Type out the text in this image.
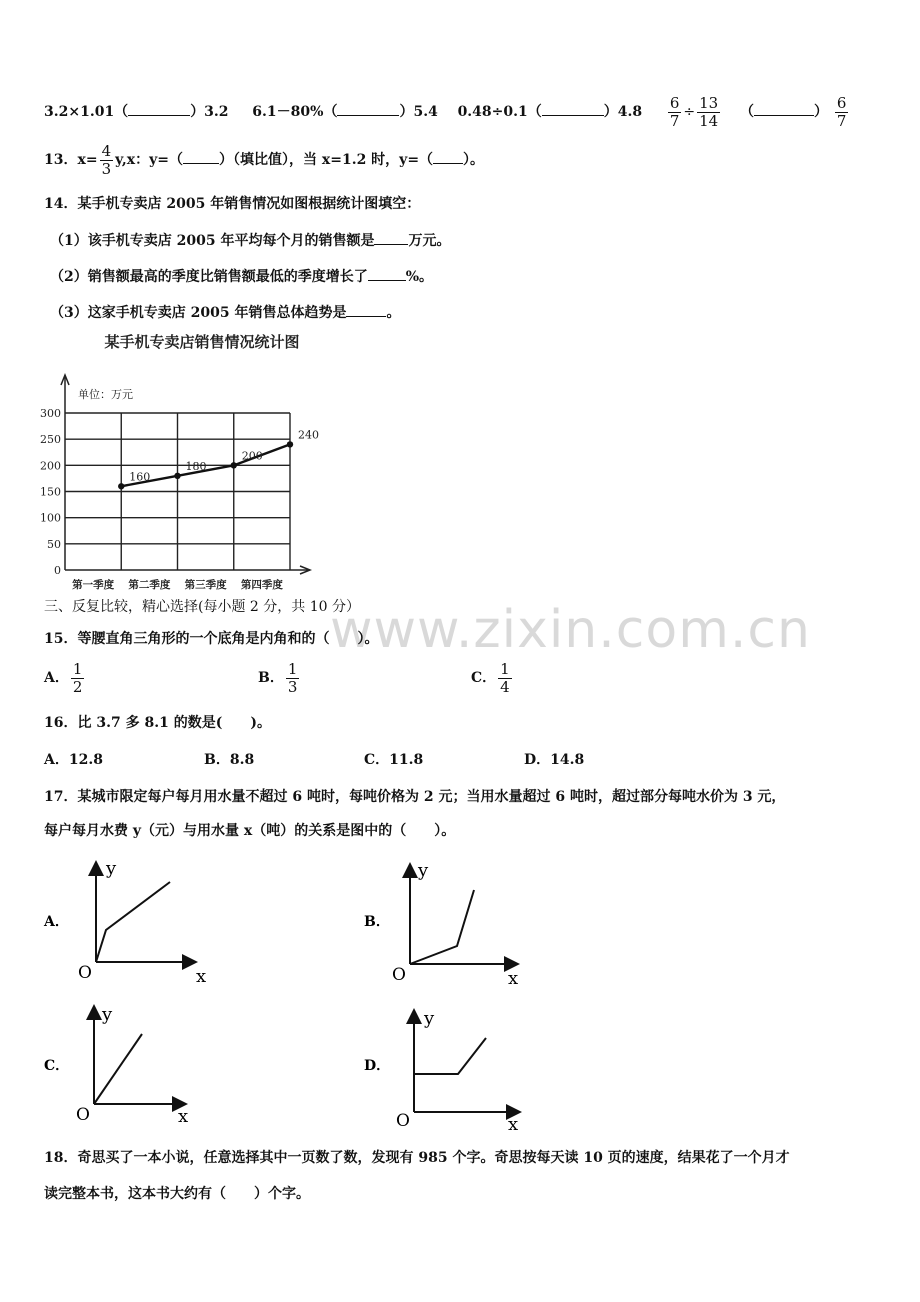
www.zixin.com.cn
3.2×1.01（	）3.2 6.1－80%（	）5.4 0.48÷0.1（	）$4.8 \frac{6}{7} \div \frac{13}{14}$ （	） $\frac{6}{7}$
13．$x= \frac{4}{3} y,x$：y=（	）（填比值），当 x=1.2 时，y=（ ）。
14．某手机专卖店 2005 年销售情况如图根据统计图填空：
（1）该手机专卖店 2005 年平均每个月的销售额是 万元。
（2）销售额最高的季度比销售额最低的季度增长了	%。
（3）这家手机专卖店 2005 年销售总体趋势是	。
某手机专卖店销售情况统计图
单位：万元
0
50
100
150
200
250
300
第一季度 第二季度 第三季度 第四季度
160
180
200
240
三、反复比较，精心选择(每小题 2 分，共 10 分）
15．等腰直角三角形的一个底角是内角和的（　　）。
A． $\frac{1}{2}$	B． $\frac{1}{3}$	C． $\frac{1}{4}$
16．比 3.7 多 8.1 的数是(　　)。
A．12.8	B．8.8	C．11.8	D．14.8
17．某城市限定每户每月用水量不超过 6 吨时，每吨价格为 2 元；当用水量超过 6 吨时，超过部分每吨水价为 3 元，
每户每月水费 y（元）与用水量 x（吨）的关系是图中的（　　）。
A．
y
x
O
B．
y
x
O
C．
y
x
O
D．
y
x
O
18．奇思买了一本小说，任意选择其中一页数了数，发现有 985 个字。奇思按每天读 10 页的速度，结果花了一个月才
读完整本书，这本书大约有（　　）个字。
